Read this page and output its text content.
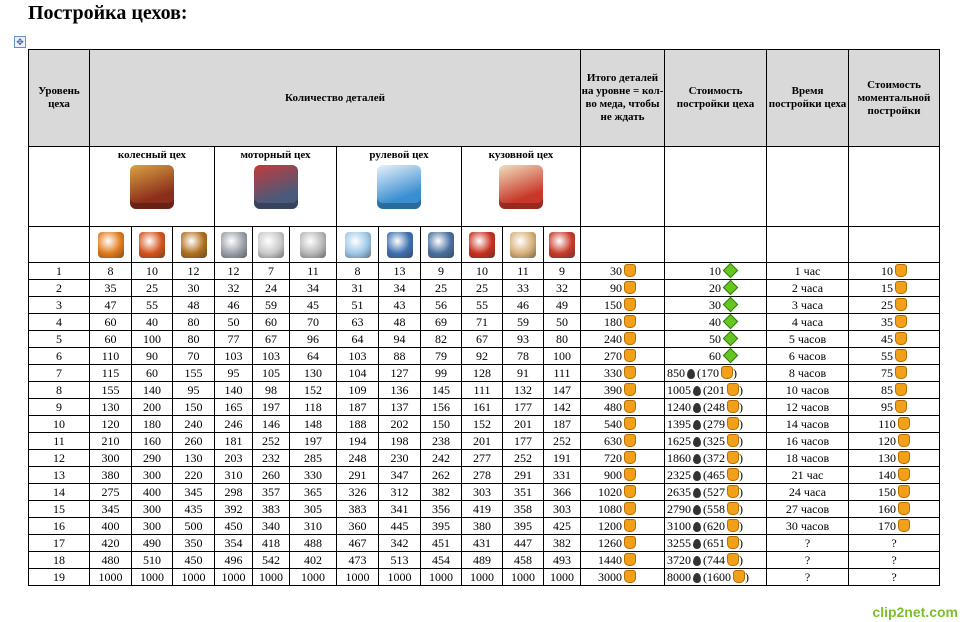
Постройка цехов:
✥
Уровень цеха	Количество деталей												Итого деталей на уровне = кол-во меда, чтобы не ждать	Стоимость постройки цеха	Время постройки цеха	Стоимость моментальной постройки

	колесный цех			моторный цех			рулевой цех			кузовной цех						

1	8	10	12	12	7	11	8	13	9	10	11	9	30	10	1 час	10
2	35	25	30	32	24	34	31	34	25	25	33	32	90	20	2 часа	15
3	47	55	48	46	59	45	51	43	56	55	46	49	150	30	3 часа	25
4	60	40	80	50	60	70	63	48	69	71	59	50	180	40	4 часа	35
5	60	100	80	77	67	96	64	94	82	67	93	80	240	50	5 часов	45
6	110	90	70	103	103	64	103	88	79	92	78	100	270	60	6 часов	55
7	115	60	155	95	105	130	104	127	99	128	91	111	330	850 (170 )	8 часов	75
8	155	140	95	140	98	152	109	136	145	111	132	147	390	1005 (201 )	10 часов	85
9	130	200	150	165	197	118	187	137	156	161	177	142	480	1240 (248 )	12 часов	95
10	120	180	240	246	146	148	188	202	150	152	201	187	540	1395 (279 )	14 часов	110
11	210	160	260	181	252	197	194	198	238	201	177	252	630	1625 (325 )	16 часов	120
12	300	290	130	203	232	285	248	230	242	277	252	191	720	1860 (372 )	18 часов	130
13	380	300	220	310	260	330	291	347	262	278	291	331	900	2325 (465 )	21 час	140
14	275	400	345	298	357	365	326	312	382	303	351	366	1020	2635 (527 )	24 часа	150
15	345	300	435	392	383	305	383	341	356	419	358	303	1080	2790 (558 )	27 часов	160
16	400	300	500	450	340	310	360	445	395	380	395	425	1200	3100 (620 )	30 часов	170
17	420	490	350	354	418	488	467	342	451	431	447	382	1260	3255 (651 )	?	?
18	480	510	450	496	542	402	473	513	454	489	458	493	1440	3720 (744 )	?	?
19	1000	1000	1000	1000	1000	1000	1000	1000	1000	1000	1000	1000	3000	8000 (1600 )	?	?
clip2net.com
